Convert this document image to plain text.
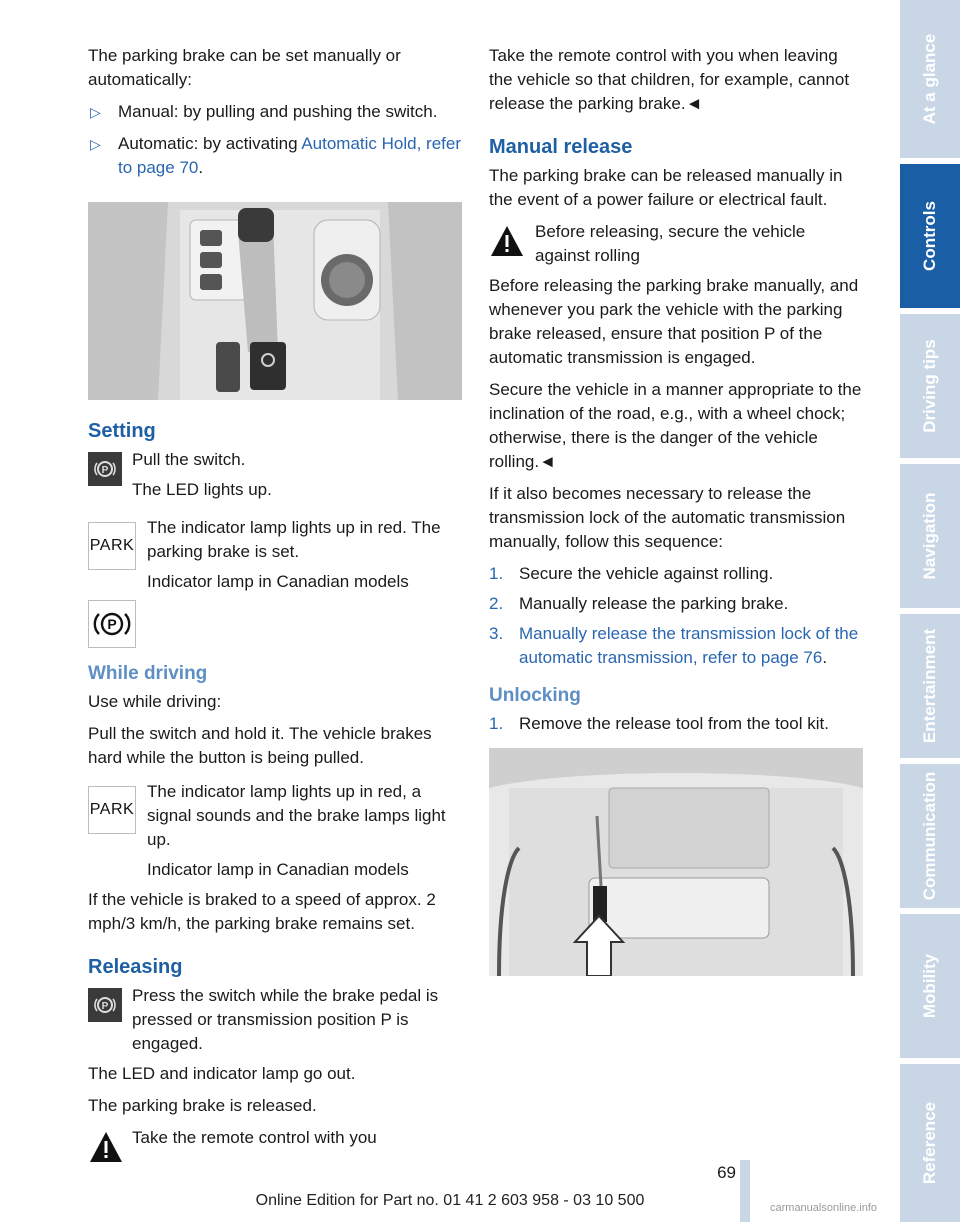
The parking brake can be set manually or automatically:

▷ Manual: by pulling and pushing the switch.
▷ Automatic: by activating Automatic Hold, refer to page 70.
Setting
P

Pull the switch.

The LED lights up.

PARK

The indicator lamp lights up in red. The parking brake is set.

Indicator lamp in Canadian models

P
While driving

Use while driving:

Pull the switch and hold it. The vehicle brakes hard while the button is being pulled.

PARK

The indicator lamp lights up in red, a signal sounds and the brake lamps light up.

Indicator lamp in Canadian models

If the vehicle is braked to a speed of approx. 2 mph/3 km/h, the parking brake remains set.

Releasing
P

Press the switch while the brake pedal is pressed or transmission position P is engaged.

The LED and indicator lamp go out.

The parking brake is released.

Take the remote control with you

Take the remote control with you when leaving the vehicle so that children, for example, cannot release the parking brake.◄

Manual release

The parking brake can be released manually in the event of a power failure or electrical fault.

Before releasing, secure the vehicle against rolling

Before releasing the parking brake manually, and whenever you park the vehicle with the parking brake released, ensure that position P of the automatic transmission is engaged.

Secure the vehicle in a manner appropriate to the inclination of the road, e.g., with a wheel chock; otherwise, there is the danger of the vehicle rolling.◄

If it also becomes necessary to release the transmission lock of the automatic transmission manually, follow this sequence:

1. Secure the vehicle against rolling.
2. Manually release the parking brake.
3. Manually release the transmission lock of the automatic transmission, refer to page 76.
Unlocking
1. Remove the release tool from the tool kit.
At a glance
Controls
Driving tips
Navigation
Entertainment
Communication
Mobility
Reference
69
Online Edition for Part no. 01 41 2 603 958 - 03 10 500	carmanualsonline.info
